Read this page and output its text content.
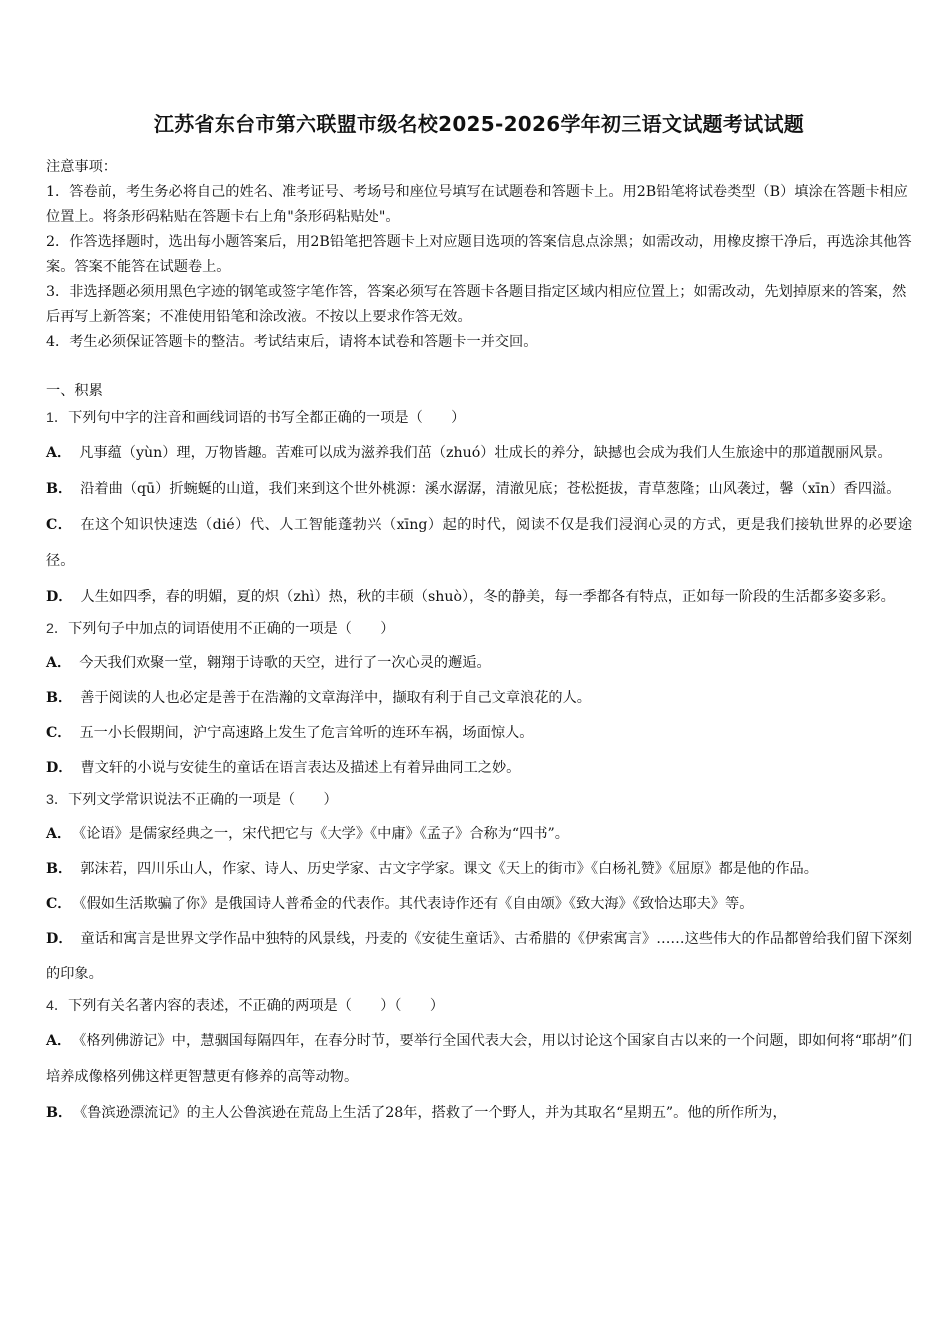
江苏省东台市第六联盟市级名校2025-2026学年初三语文试题考试试题

注意事项：

1．答卷前，考生务必将自己的姓名、准考证号、考场号和座位号填写在试题卷和答题卡上。用2B铅笔将试卷类型（B）填涂在答题卡相应位置上。将条形码粘贴在答题卡右上角"条形码粘贴处"。

2．作答选择题时，选出每小题答案后，用2B铅笔把答题卡上对应题目选项的答案信息点涂黑；如需改动，用橡皮擦干净后，再选涂其他答案。答案不能答在试题卷上。

3．非选择题必须用黑色字迹的钢笔或签字笔作答，答案必须写在答题卡各题目指定区域内相应位置上；如需改动，先划掉原来的答案，然后再写上新答案；不准使用铅笔和涂改液。不按以上要求作答无效。

4．考生必须保证答题卡的整洁。考试结束后，请将本试卷和答题卡一并交回。

一、积累

1．下列句中字的注音和画线词语的书写全都正确的一项是（　　）

A． 凡事蕴（yùn）理，万物皆趣。苦难可以成为滋养我们茁（zhuó）壮成长的养分，缺撼也会成为我们人生旅途中的那道靓丽风景。

B． 沿着曲（qū）折蜿蜒的山道，我们来到这个世外桃源：溪水潺潺，清澈见底；苍松挺拔，青草葱隆；山风袭过，馨（xīn）香四溢。

C． 在这个知识快速迭（dié）代、人工智能蓬勃兴（xīng）起的时代，阅读不仅是我们浸润心灵的方式，更是我们接轨世界的必要途径。

D． 人生如四季，春的明媚，夏的炽（zhì）热，秋的丰硕（shuò），冬的静美，每一季都各有特点，正如每一阶段的生活都多姿多彩。

2．下列句子中加点的词语使用不正确的一项是（　　）

A． 今天我们欢聚一堂，翱翔于诗歌的天空，进行了一次心灵的邂逅。

B． 善于阅读的人也必定是善于在浩瀚的文章海洋中，撷取有利于自己文章浪花的人。

C． 五一小长假期间，沪宁高速路上发生了危言耸听的连环车祸，场面惊人。

D． 曹文轩的小说与安徒生的童话在语言表达及描述上有着异曲同工之妙。

3．下列文学常识说法不正确的一项是（　　）

A． 《论语》是儒家经典之一，宋代把它与《大学》《中庸》《孟子》合称为“四书”。

B． 郭沫若，四川乐山人，作家、诗人、历史学家、古文字学家。课文《天上的街市》《白杨礼赞》《屈原》都是他的作品。

C． 《假如生活欺骗了你》是俄国诗人普希金的代表作。其代表诗作还有《自由颂》《致大海》《致恰达耶夫》等。

D． 童话和寓言是世界文学作品中独特的风景线，丹麦的《安徒生童话》、古希腊的《伊索寓言》……这些伟大的作品都曾给我们留下深刻的印象。

4．下列有关名著内容的表述，不正确的两项是（　　）（　　）

A． 《格列佛游记》中，慧骃国每隔四年，在春分时节，要举行全国代表大会，用以讨论这个国家自古以来的一个问题，即如何将“耶胡”们培养成像格列佛这样更智慧更有修养的高等动物。

B． 《鲁滨逊漂流记》的主人公鲁滨逊在荒岛上生活了28年，搭救了一个野人，并为其取名“星期五”。他的所作所为，
